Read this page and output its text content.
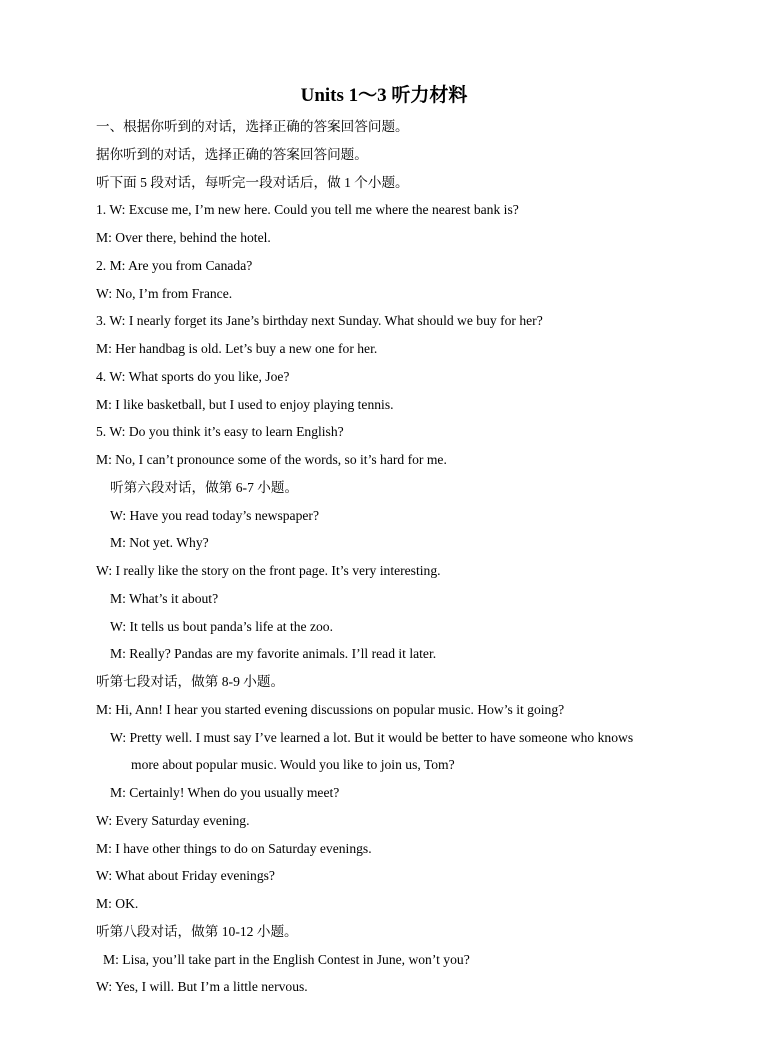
Units 1～3 听力材料
一、根据你听到的对话，选择正确的答案回答问题。
据你听到的对话，选择正确的答案回答问题。
听下面 5 段对话，每听完一段对话后，做 1 个小题。
1. W: Excuse me, I’m new here. Could you tell me where the nearest bank is?
M: Over there, behind the hotel.
2. M: Are you from Canada?
W: No, I’m from France.
3. W: I nearly forget its Jane’s birthday next Sunday. What should we buy for her?
M: Her handbag is old. Let’s buy a new one for her.
4. W: What sports do you like, Joe?
M: I like basketball, but I used to enjoy playing tennis.
5. W: Do you think it’s easy to learn English?
M: No, I can’t pronounce some of the words, so it’s hard for me.
听第六段对话，做第 6-7 小题。
W: Have you read today’s newspaper?
M: Not yet. Why?
W: I really like the story on the front page. It’s very interesting.
M: What’s it about?
W: It tells us bout panda’s life at the zoo.
M: Really? Pandas are my favorite animals. I’ll read it later.
听第七段对话，做第 8-9 小题。
M: Hi, Ann! I hear you started evening discussions on popular music. How’s it going?
W: Pretty well. I must say I’ve learned a lot. But it would be better to have someone who knows
more about popular music. Would you like to join us, Tom?
M: Certainly! When do you usually meet?
W: Every Saturday evening.
M: I have other things to do on Saturday evenings.
W: What about Friday evenings?
M: OK.
听第八段对话，做第 10-12 小题。
M: Lisa, you’ll take part in the English Contest in June, won’t you?
W: Yes, I will. But I’m a little nervous.
